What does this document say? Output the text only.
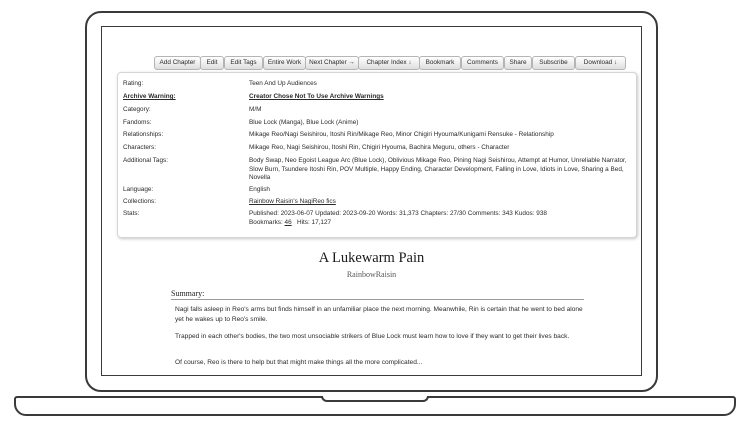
Add Chapter	Edit	Edit Tags	Entire Work	Next Chapter →	Chapter Index ↓	Bookmark	Comments	Share	Subscribe	Download ↓
Rating:	Teen And Up Audiences
Archive Warning:	Creator Chose Not To Use Archive Warnings
Category:	M/M
Fandoms:	Blue Lock (Manga), Blue Lock (Anime)
Relationships:	Mikage Reo/Nagi Seishirou, Itoshi Rin/Mikage Reo, Minor Chigiri Hyouma/Kunigami Rensuke - Relationship
Characters:	Mikage Reo, Nagi Seishirou, Itoshi Rin, Chigiri Hyouma, Bachira Meguru, others - Character
Additional Tags:	Body Swap, Neo Egoist League Arc (Blue Lock), Oblivious Mikage Reo, Pining Nagi Seishirou, Attempt at Humor, Unreliable Narrator, Slow Burn, Tsundere Itoshi Rin, POV Multiple, Happy Ending, Character Development, Falling in Love, Idiots in Love, Sharing a Bed, Novella
Language:	English
Collections:	Rainbow Raisin's NagiReo fics
Stats:	Published: 2023-06-07 Updated: 2023-09-20 Words: 31,373 Chapters: 27/30 Comments: 343 Kudos: 938
Bookmarks: 46 Hits: 17,127
A Lukewarm Pain
RainbowRaisin
Summary:
Nagi falls asleep in Reo's arms but finds himself in an unfamiliar place the next morning. Meanwhile, Rin is certain that he went to bed alone yet he wakes up to Reo's smile.
Trapped in each other's bodies, the two most unsociable strikers of Blue Lock must learn how to love if they want to get their lives back.
Of course, Reo is there to help but that might make things all the more complicated...
